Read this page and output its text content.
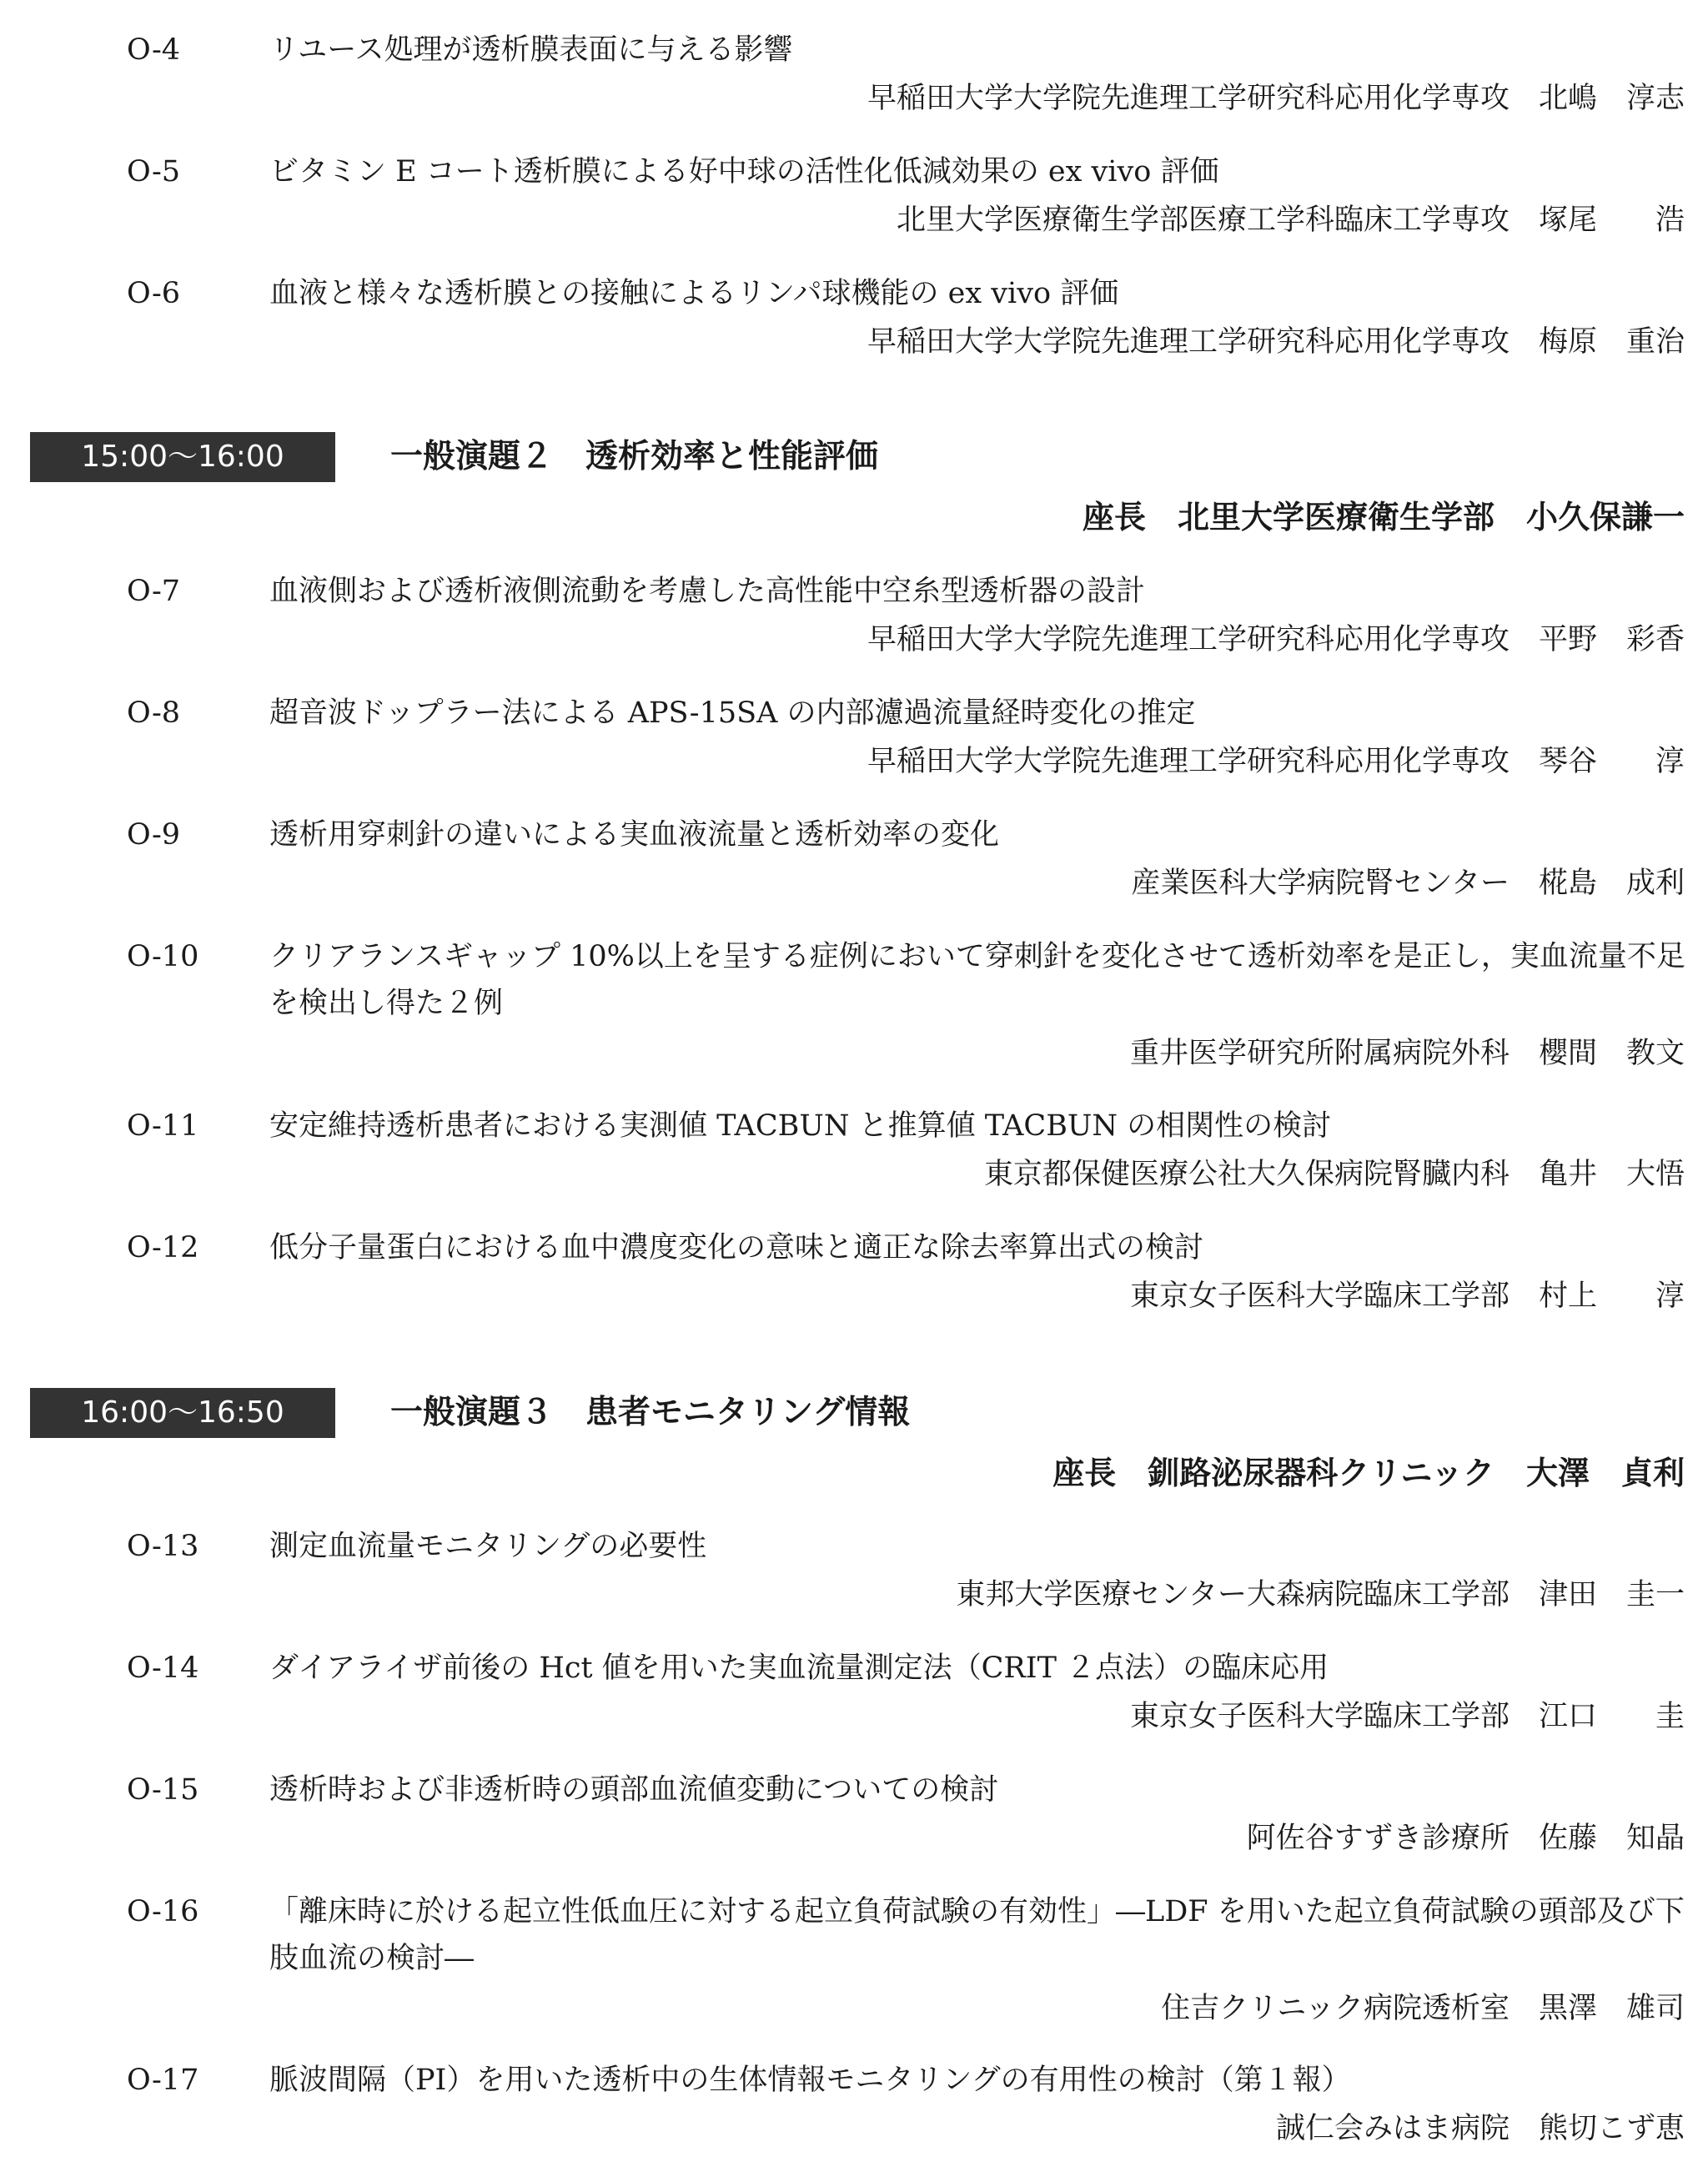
O-4	リユース処理が透析膜表面に与える影響
早稲田大学大学院先進理工学研究科応用化学専攻　北嶋　淳志
O-5	ビタミン E コート透析膜による好中球の活性化低減効果の ex vivo 評価
北里大学医療衛生学部医療工学科臨床工学専攻　塚尾　　浩
O-6	血液と様々な透析膜との接触によるリンパ球機能の ex vivo 評価
早稲田大学大学院先進理工学研究科応用化学専攻　梅原　重治
15:00～16:00	一般演題２　透析効率と性能評価
座長　北里大学医療衛生学部　小久保謙一
O-7	血液側および透析液側流動を考慮した高性能中空糸型透析器の設計
早稲田大学大学院先進理工学研究科応用化学専攻　平野　彩香
O-8	超音波ドップラー法による APS-15SA の内部濾過流量経時変化の推定
早稲田大学大学院先進理工学研究科応用化学専攻　琴谷　　淳
O-9	透析用穿刺針の違いによる実血液流量と透析効率の変化
産業医科大学病院腎センター　椛島　成利
O-10 クリアランスギャップ 10%以上を呈する症例において穿刺針を変化させて透析効率を是正し，実血流量不足を検出し得た２例
重井医学研究所附属病院外科　櫻間　教文
O-11 安定維持透析患者における実測値 TACBUN と推算値 TACBUN の相関性の検討
東京都保健医療公社大久保病院腎臓内科　亀井　大悟
O-12 低分子量蛋白における血中濃度変化の意味と適正な除去率算出式の検討
東京女子医科大学臨床工学部　村上　　淳
16:00～16:50	一般演題３　患者モニタリング情報
座長　釧路泌尿器科クリニック　大澤　貞利
O-13 測定血流量モニタリングの必要性
東邦大学医療センター大森病院臨床工学部　津田　圭一
O-14 ダイアライザ前後の Hct 値を用いた実血流量測定法（CRIT ２点法）の臨床応用
東京女子医科大学臨床工学部　江口　　圭
O-15 透析時および非透析時の頭部血流値変動についての検討
阿佐谷すずき診療所　佐藤　知晶
O-16 「離床時に於ける起立性低血圧に対する起立負荷試験の有効性」―LDF を用いた起立負荷試験の頭部及び下肢血流の検討―
住吉クリニック病院透析室　黒澤　雄司
O-17 脈波間隔（PI）を用いた透析中の生体情報モニタリングの有用性の検討（第１報）
誠仁会みはま病院　熊切こず恵
